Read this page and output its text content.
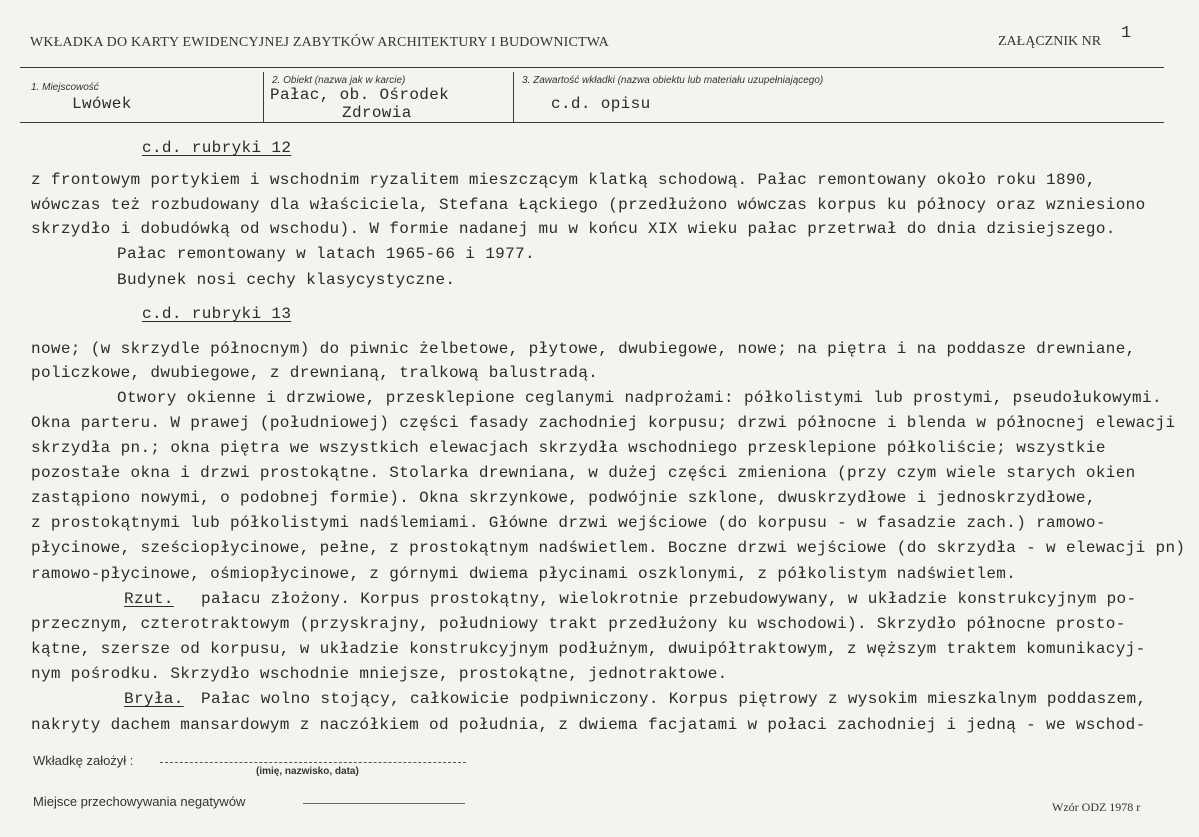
WKŁADKA DO KARTY EWIDENCYJNEJ ZABYTKÓW ARCHITEKTURY I BUDOWNICTWA	ZAŁĄCZNIK NR 1
1. Miejscowość
Lwówek
2. Obiekt (nazwa jak w karcie)
Pałac, ob. Ośrodek
Zdrowia
3. Zawartość wkładki (nazwa obiektu lub materiału uzupełniającego)
c.d. opisu
c.d. rubryki 12
z frontowym portykiem i wschodnim ryzalitem mieszczącym klatką schodową. Pałac remontowany około roku 1890,
wówczas też rozbudowany dla właściciela, Stefana Łąckiego (przedłużono wówczas korpus ku północy oraz wzniesiono
skrzydło i dobudówką od wschodu). W formie nadanej mu w końcu XIX wieku pałac przetrwał do dnia dzisiejszego.
Pałac remontowany w latach 1965-66 i 1977.
Budynek nosi cechy klasycystyczne.
c.d. rubryki 13
nowe; (w skrzydle północnym) do piwnic żelbetowe, płytowe, dwubiegowe, nowe; na piętra i na poddasze drewniane,
policzkowe, dwubiegowe, z drewnianą, tralkową balustradą.
Otwory okienne i drzwiowe, przesklepione ceglanymi nadprożami: półkolistymi lub prostymi, pseudołukowymi.
Okna parteru. W prawej (południowej) części fasady zachodniej korpusu; drzwi północne i blenda w północnej elewacji
skrzydła pn.; okna piętra we wszystkich elewacjach skrzydła wschodniego przesklepione półkoliście; wszystkie
pozostałe okna i drzwi prostokątne. Stolarka drewniana, w dużej części zmieniona (przy czym wiele starych okien
zastąpiono nowymi, o podobnej formie). Okna skrzynkowe, podwójnie szklone, dwuskrzydłowe i jednoskrzydłowe,
z prostokątnymi lub półkolistymi nadślemiami. Główne drzwi wejściowe (do korpusu - w fasadzie zach.) ramowo-
płycinowe, sześciopłycinowe, pełne, z prostokątnym nadświetlem. Boczne drzwi wejściowe (do skrzydła - w elewacji pn)
ramowo-płycinowe, ośmiopłycinowe, z górnymi dwiema płycinami oszklonymi, z półkolistym nadświetlem.
Rzut. pałacu złożony. Korpus prostokątny, wielokrotnie przebudowywany, w układzie konstrukcyjnym po-
przecznym, czterotraktowym (przyskrajny, południowy trakt przedłużony ku wschodowi). Skrzydło północne prosto-
kątne, szersze od korpusu, w układzie konstrukcyjnym podłużnym, dwuipółtraktowym, z węższym traktem komunikacyj-
nym pośrodku. Skrzydło wschodnie mniejsze, prostokątne, jednotraktowe.
Bryła. Pałac wolno stojący, całkowicie podpiwniczony. Korpus piętrowy z wysokim mieszkalnym poddaszem,
nakryty dachem mansardowym z naczółkiem od południa, z dwiema facjatami w połaci zachodniej i jedną - we wschod-
Wkładkę założył :
(imię, nazwisko, data)
Miejsce przechowywania negatywów	Wzór ODZ 1978 r
